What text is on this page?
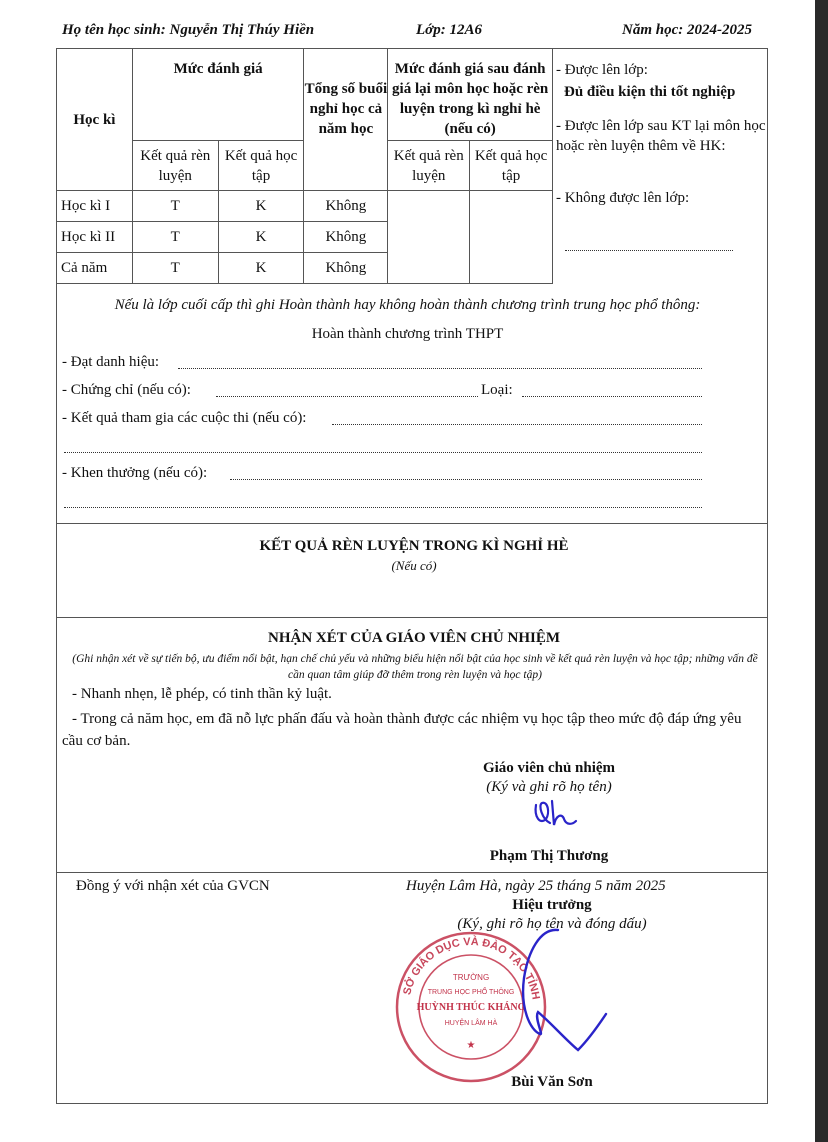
Họ tên học sinh: Nguyễn Thị Thúy Hiền	Lớp: 12A6	Năm học: 2024-2025
Học kì	Mức đánh giá		Tổng số buổi nghỉ học cả năm học	Mức đánh giá sau đánh giá lại môn học hoặc rèn luyện trong kì nghỉ hè (nếu có)	
	Kết quả rèn luyện	Kết quả học tập		Kết quả rèn luyện	Kết quả học tập
Học kì I	T	K	Không		
Học kì II	T	K	Không		
Cả năm	T	K	Không		
- Được lên lớp:
Đủ điều kiện thi tốt nghiệp
- Được lên lớp sau KT lại môn học hoặc rèn luyện thêm về HK:
- Không được lên lớp:
Nếu là lớp cuối cấp thì ghi Hoàn thành hay không hoàn thành chương trình trung học phổ thông:
Hoàn thành chương trình THPT
- Đạt danh hiệu:
- Chứng chỉ (nếu có):	Loại:
- Kết quả tham gia các cuộc thi (nếu có):
- Khen thưởng (nếu có):
KẾT QUẢ RÈN LUYỆN TRONG KÌ NGHỈ HÈ
(Nếu có)
NHẬN XÉT CỦA GIÁO VIÊN CHỦ NHIỆM
(Ghi nhận xét về sự tiến bộ, ưu điểm nổi bật, hạn chế chủ yếu và những biểu hiện nổi bật của học sinh về kết quả rèn luyện và học tập; những vấn đề cần quan tâm giúp đỡ thêm trong rèn luyện và học tập)
- Nhanh nhẹn, lễ phép, có tinh thần kỷ luật.
- Trong cả năm học, em đã nỗ lực phấn đấu và hoàn thành được các nhiệm vụ học tập theo mức độ đáp ứng yêu cầu cơ bản.
Giáo viên chủ nhiệm
(Ký và ghi rõ họ tên)
Phạm Thị Thương
Đồng ý với nhận xét của GVCN	Huyện Lâm Hà, ngày 25 tháng 5 năm 2025
Hiệu trưởng
(Ký, ghi rõ họ tên và đóng dấu)
SỞ GIÁO DỤC VÀ ĐÀO TẠO TỈNH
TRƯỜNG
TRUNG HỌC PHỔ THÔNG
HUỲNH THÚC KHÁNG
HUYỆN LÂM HÀ
★
Bùi Văn Sơn
